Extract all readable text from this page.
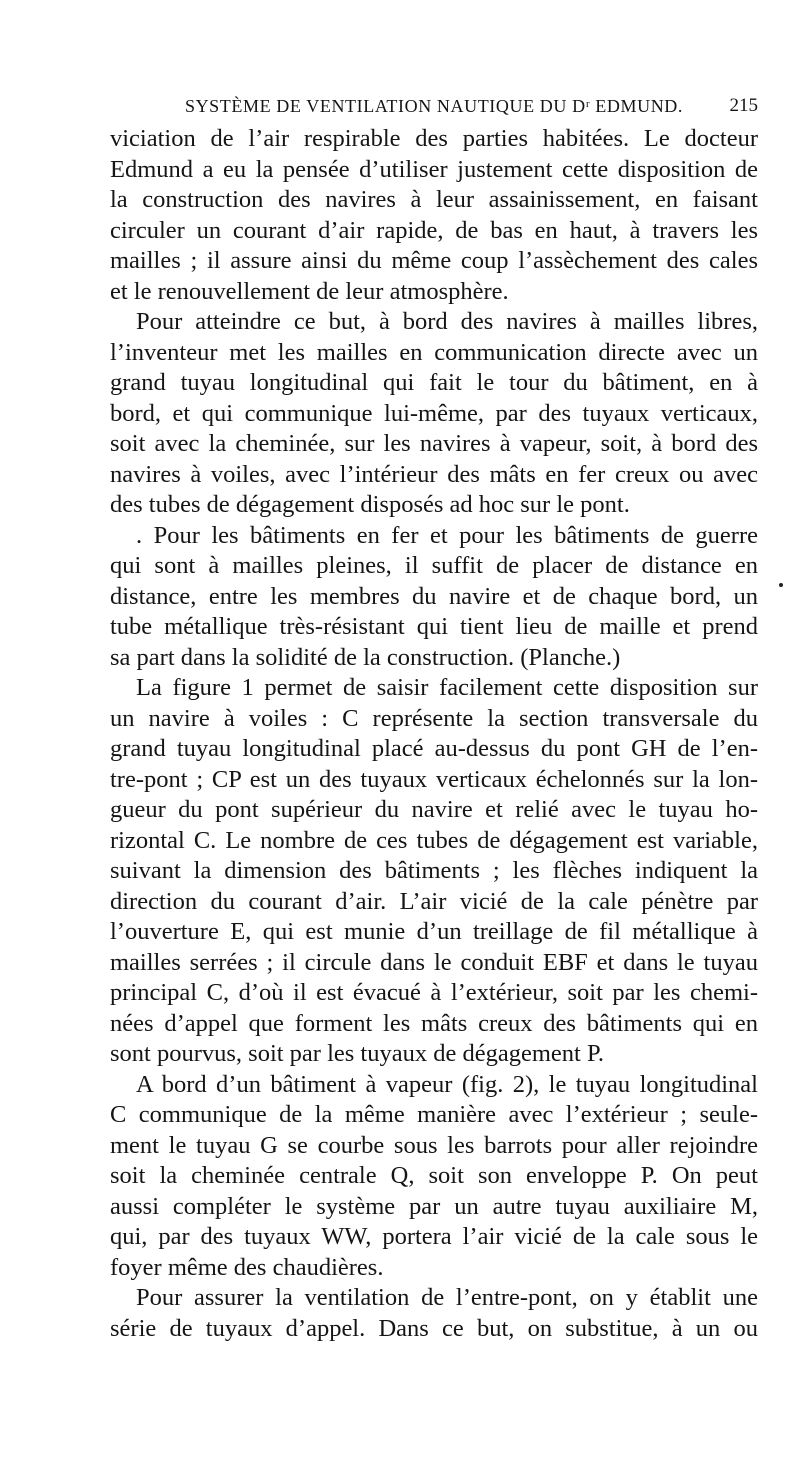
SYSTÈME DE VENTILATION NAUTIQUE DU Dʳ EDMUND.	215
viciation de l’air respirable des parties habitées. Le docteur
Edmund a eu la pensée d’utiliser justement cette disposition de
la construction des navires à leur assainissement, en faisant
circuler un courant d’air rapide, de bas en haut, à travers les
mailles ; il assure ainsi du même coup l’assèchement des cales
et le renouvellement de leur atmosphère.
Pour atteindre ce but, à bord des navires à mailles libres,
l’inventeur met les mailles en communication directe avec un
grand tuyau longitudinal qui fait le tour du bâtiment, en à
bord, et qui communique lui-même, par des tuyaux verticaux,
soit avec la cheminée, sur les navires à vapeur, soit, à bord des
navires à voiles, avec l’intérieur des mâts en fer creux ou avec
des tubes de dégagement disposés ad hoc sur le pont.
. Pour les bâtiments en fer et pour les bâtiments de guerre
qui sont à mailles pleines, il suffit de placer de distance en
distance, entre les membres du navire et de chaque bord, un
tube métallique très-résistant qui tient lieu de maille et prend
sa part dans la solidité de la construction. (Planche.)
La figure 1 permet de saisir facilement cette disposition sur
un navire à voiles : C représente la section transversale du
grand tuyau longitudinal placé au-dessus du pont GH de l’en-
tre-pont ; CP est un des tuyaux verticaux échelonnés sur la lon-
gueur du pont supérieur du navire et relié avec le tuyau ho-
rizontal C. Le nombre de ces tubes de dégagement est variable,
suivant la dimension des bâtiments ; les flèches indiquent la
direction du courant d’air. L’air vicié de la cale pénètre par
l’ouverture E, qui est munie d’un treillage de fil métallique à
mailles serrées ; il circule dans le conduit EBF et dans le tuyau
principal C, d’où il est évacué à l’extérieur, soit par les chemi-
nées d’appel que forment les mâts creux des bâtiments qui en
sont pourvus, soit par les tuyaux de dégagement P.
A bord d’un bâtiment à vapeur (fig. 2), le tuyau longitudinal
C communique de la même manière avec l’extérieur ; seule-
ment le tuyau G se courbe sous les barrots pour aller rejoindre
soit la cheminée centrale Q, soit son enveloppe P. On peut
aussi compléter le système par un autre tuyau auxiliaire M,
qui, par des tuyaux WW, portera l’air vicié de la cale sous le
foyer même des chaudières.
Pour assurer la ventilation de l’entre-pont, on y établit une
série de tuyaux d’appel. Dans ce but, on substitue, à un ou
